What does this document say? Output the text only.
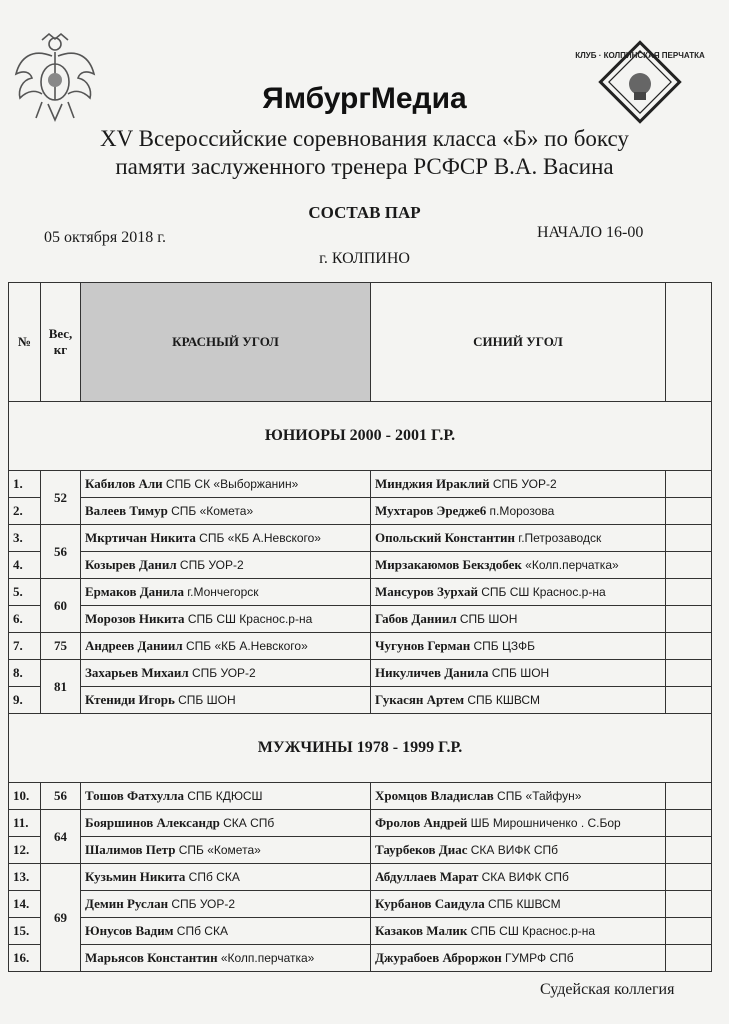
КЛУБ · КОЛПИНСКАЯ ПЕРЧАТКА
ЯмбургМедиа
XV Всероссийские соревнования класса «Б» по боксу
памяти заслуженного тренера РСФСР В.А. Васина
СОСТАВ ПАР
05 октября 2018 г.	НАЧАЛО 16-00
г. КОЛПИНО
№	Вес, кг	КРАСНЫЙ УГОЛ	СИНИЙ УГОЛ	
ЮНИОРЫ 2000 - 2001 Г.Р.				
1.	52	Кабилов Али СПБ СК «Выборжанин»	Минджия Ираклий СПБ УОР-2	
2.		Валеев Тимур СПБ «Комета»	Мухтаров Эредже6 п.Морозова	
3.	56	Мкртичан Никита СПБ «КБ А.Невского»	Опольский Константин г.Петрозаводск	
4.		Козырев Данил СПБ УОР-2	Мирзакаюмов Бекздобек «Колп.перчатка»	
5.	60	Ермаков Данила г.Мончегорск	Мансуров Зурхай СПБ СШ Краснос.р-на	
6.		Морозов Никита СПБ СШ Краснос.р-на	Габов Даниил СПБ ШОН	
7.	75	Андреев Даниил СПБ «КБ А.Невского»	Чугунов Герман СПБ ЦЗФБ	
8.	81	Захарьев Михаил СПБ УОР-2	Никуличев Данила СПБ ШОН	
9.		Ктениди Игорь СПБ ШОН	Гукасян Артем СПБ КШВСМ	
МУЖЧИНЫ 1978 - 1999 Г.Р.				
10.	56	Тошов Фатхулла СПБ КДЮСШ	Хромцов Владислав СПБ «Тайфун»	
11.	64	Бояршинов Александр СКА СПб	Фролов Андрей ШБ Мирошниченко . С.Бор	
12.		Шалимов Петр СПБ «Комета»	Таурбеков Диас СКА ВИФК СПб	
13.	69	Кузьмин Никита СПб СКА	Абдуллаев Марат СКА ВИФК СПб	
14.		Демин Руслан СПБ УОР-2	Курбанов Саидула СПБ КШВСМ	
15.		Юнусов Вадим СПб СКА	Казаков Малик СПБ СШ Краснос.р-на	
16.		Марьясов Константин «Колп.перчатка»	Джурабоев Аброржон ГУМРФ СПб	
Судейская коллегия
